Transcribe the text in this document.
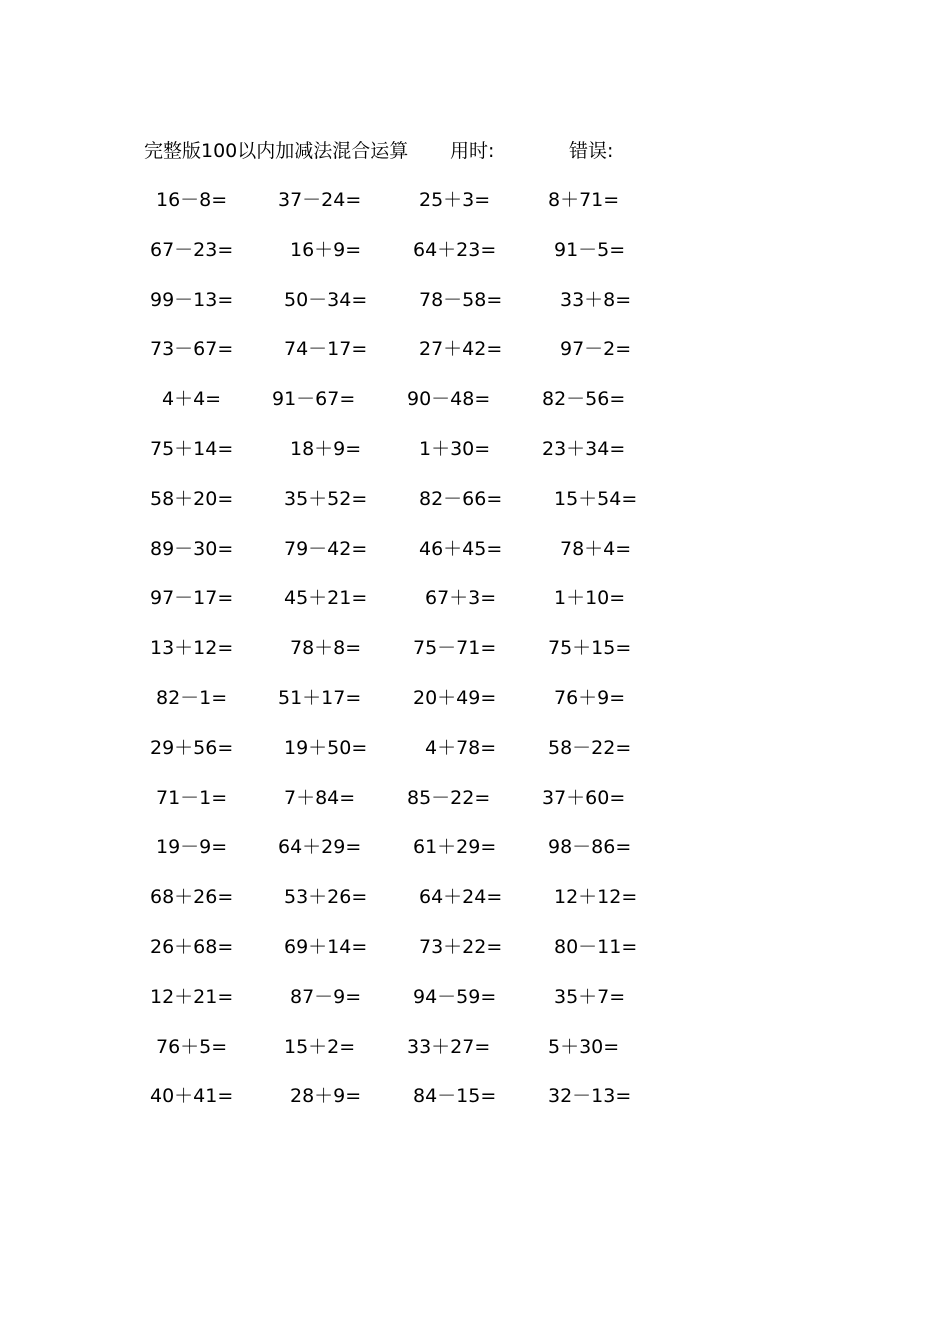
完整版100以内加减法混合运算 用时:	错误:
16－8=	37－24=	25＋3=	8＋71=
67－23=	16＋9=	64＋23=	91－5=
99－13=	50－34=	78－58=	33＋8=
73－67=	74－17=	27＋42=	97－2=
4＋4=	91－67=	90－48=	82－56=
75＋14=	18＋9=	1＋30=	23＋34=
58＋20=	35＋52=	82－66=	15＋54=
89－30=	79－42=	46＋45=	78＋4=
97－17=	45＋21=	67＋3=	1＋10=
13＋12=	78＋8=	75－71=	75＋15=
82－1=	51＋17=	20＋49=	76＋9=
29＋56=	19＋50=	4＋78=	58－22=
71－1=	7＋84=	85－22=	37＋60=
19－9=	64＋29=	61＋29=	98－86=
68＋26=	53＋26=	64＋24=	12＋12=
26＋68=	69＋14=	73＋22=	80－11=
12＋21=	87－9=	94－59=	35＋7=
76＋5=	15＋2=	33＋27=	5＋30=
40＋41=	28＋9=	84－15=	32－13=
